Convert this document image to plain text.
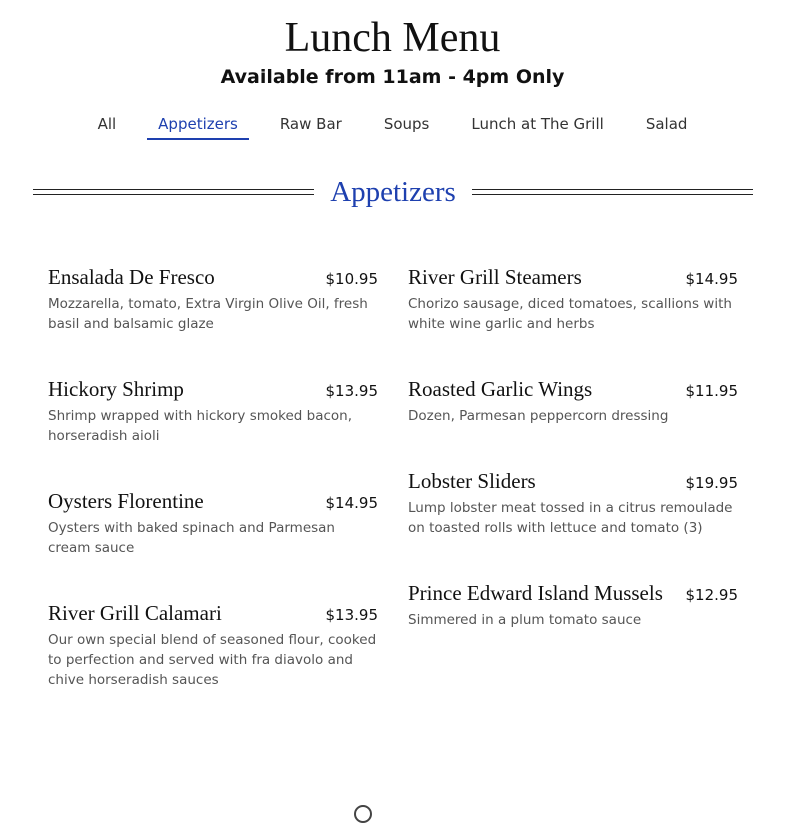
Lunch Menu
Available from 11am - 4pm Only
All	Appetizers	Raw Bar	Soups	Lunch at The Grill	Salad
Appetizers
Ensalada De Fresco	$10.95
Mozzarella, tomato, Extra Virgin Olive Oil, fresh basil and balsamic glaze
Hickory Shrimp	$13.95
Shrimp wrapped with hickory smoked bacon, horseradish aioli
Oysters Florentine	$14.95
Oysters with baked spinach and Parmesan cream sauce
River Grill Calamari	$13.95
Our own special blend of seasoned flour, cooked to perfection and served with fra diavolo and chive horseradish sauces
River Grill Steamers	$14.95
Chorizo sausage, diced tomatoes, scallions with white wine garlic and herbs
Roasted Garlic Wings	$11.95
Dozen, Parmesan peppercorn dressing
Lobster Sliders	$19.95
Lump lobster meat tossed in a citrus remoulade on toasted rolls with lettuce and tomato (3)
Prince Edward Island Mussels $12.95
Simmered in a plum tomato sauce
